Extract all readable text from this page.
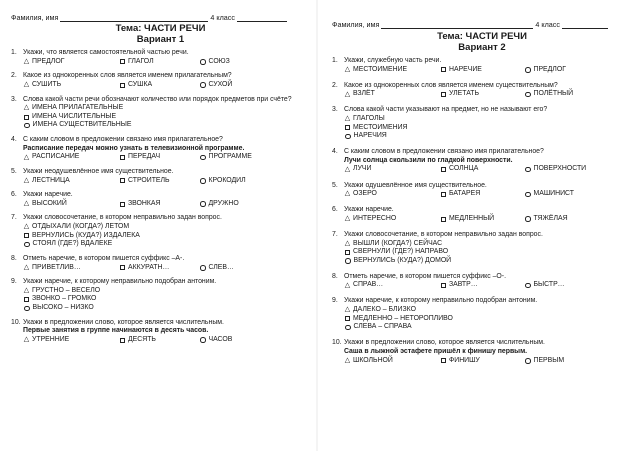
Фамилия, имя	4 класс
Тема: ЧАСТИ РЕЧИ
Вариант 1
1. Укажи, что является самостоятельной частью речи.
△ ПРЕДЛОГ	ГЛАГОЛ	СОЮЗ
2. Какое из однокоренных слов является именем прилагательным?
△ СУШИТЬ	СУШКА	СУХОЙ
3. Слова какой части речи обозначают количество или порядок предметов при счёте?
△ ИМЕНА ПРИЛАГАТЕЛЬНЫЕ
ИМЕНА ЧИСЛИТЕЛЬНЫЕ
ИМЕНА СУЩЕСТВИТЕЛЬНЫЕ
4. С каким словом в предложении связано имя прилагательное?
Расписание передач можно узнать в телевизионной программе.
△ РАСПИСАНИЕ	ПЕРЕДАЧ	ПРОГРАММЕ
5. Укажи неодушевлённое имя существительное.
△ ЛЕСТНИЦА	СТРОИТЕЛЬ	КРОКОДИЛ
6. Укажи наречие.
△ ВЫСОКИЙ	ЗВОНКАЯ	ДРУЖНО
7. Укажи словосочетание, в котором неправильно задан вопрос.
△ ОТДЫХАЛИ (КОГДА?) ЛЕТОМ
ВЕРНУЛИСЬ (КУДА?) ИЗДАЛЕКА
СТОЯЛ (ГДЕ?) ВДАЛЕКЕ
8. Отметь наречие, в котором пишется суффикс –А-.
△ ПРИВЕТЛИВ…	АККУРАТН…	СЛЕВ…
9. Укажи наречие, к которому неправильно подобран антоним.
△ ГРУСТНО – ВЕСЕЛО
ЗВОНКО – ГРОМКО
ВЫСОКО – НИЗКО
10. Укажи в предложении слово, которое является числительным.
Первые занятия в группе начинаются в десять часов.
△ УТРЕННИЕ	ДЕСЯТЬ	ЧАСОВ
Фамилия, имя	4 класс
Тема: ЧАСТИ РЕЧИ
Вариант 2
1. Укажи, служебную часть речи.
△ МЕСТОИМЕНИЕ	НАРЕЧИЕ	ПРЕДЛОГ
2. Какое из однокоренных слов является именем существительным?
△ ВЗЛЁТ	УЛЕТАТЬ	ПОЛЁТНЫЙ
3. Слова какой части указывают на предмет, но не называют его?
△ ГЛАГОЛЫ
МЕСТОИМЕНИЯ
НАРЕЧИЯ
4. С каким словом в предложении связано имя прилагательное?
Лучи солнца скользили по гладкой поверхности.
△ ЛУЧИ	СОЛНЦА	ПОВЕРХНОСТИ
5. Укажи одушевлённое имя существительное.
△ ОЗЕРО	БАТАРЕЯ	МАШИНИСТ
6. Укажи наречие.
△ ИНТЕРЕСНО	МЕДЛЕННЫЙ	ТЯЖЁЛАЯ
7. Укажи словосочетание, в котором неправильно задан вопрос.
△ ВЫШЛИ (КОГДА?) СЕЙЧАС
СВЕРНУЛИ (ГДЕ?) НАПРАВО
ВЕРНУЛИСЬ (КУДА?) ДОМОЙ
8. Отметь наречие, в котором пишется суффикс –О-.
△ СПРАВ…	ЗАВТР…	БЫСТР…
9. Укажи наречие, к которому неправильно подобран антоним.
△ ДАЛЕКО – БЛИЗКО
МЕДЛЕННО – НЕТОРОПЛИВО
СЛЕВА – СПРАВА
10. Укажи в предложении слово, которое является числительным.
Саша в лыжной эстафете пришёл к финишу первым.
△ ШКОЛЬНОЙ	ФИНИШУ	ПЕРВЫМ
